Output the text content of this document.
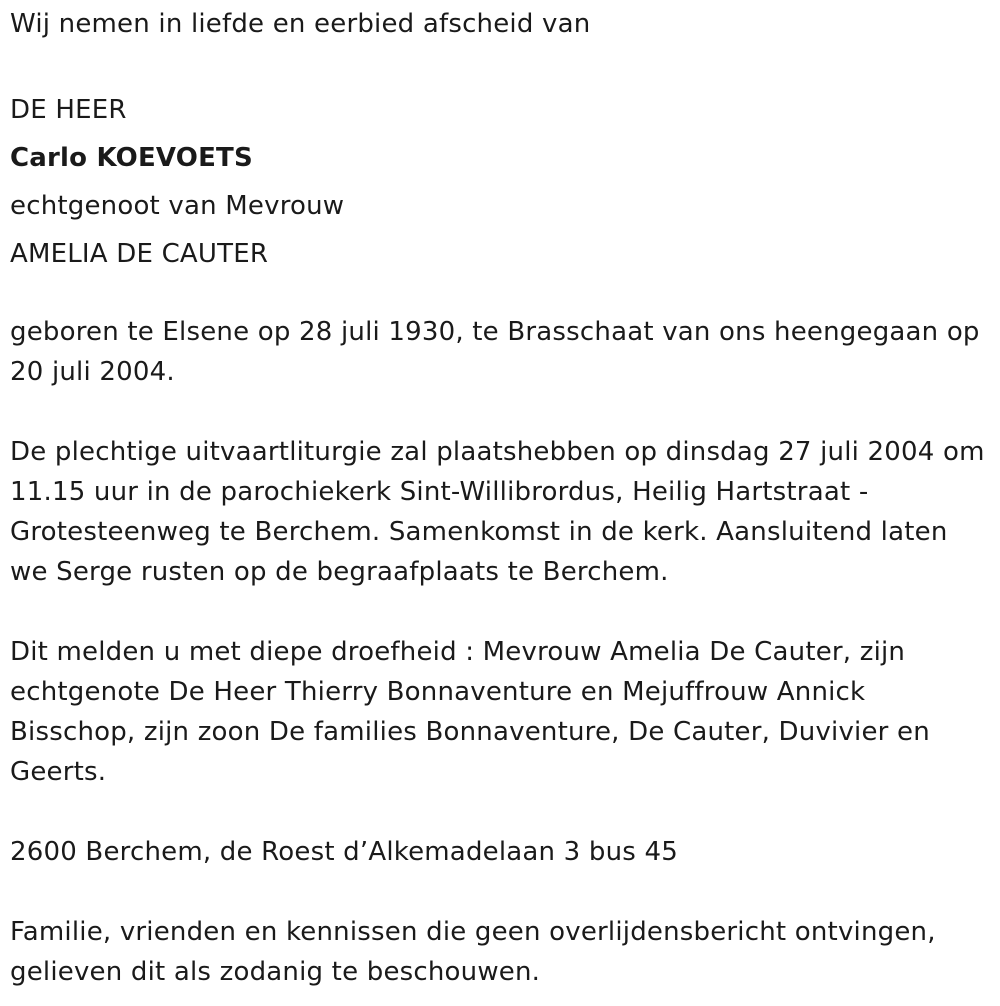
Wij nemen in liefde en eerbied afscheid van

DE HEER

Carlo KOEVOETS

echtgenoot van Mevrouw

AMELIA DE CAUTER

geboren te Elsene op 28 juli 1930, te Brasschaat van ons heengegaan op 20 juli 2004.

De plechtige uitvaartliturgie zal plaatshebben op dinsdag 27 juli 2004 om 11.15 uur in de parochiekerk Sint-Willibrordus, Heilig Hartstraat - Grotesteenweg te Berchem. Samenkomst in de kerk. Aansluitend laten we Serge rusten op de begraafplaats te Berchem.

Dit melden u met diepe droefheid : Mevrouw Amelia De Cauter, zijn echtgenote De Heer Thierry Bonnaventure en Mejuffrouw Annick Bisschop, zijn zoon De families Bonnaventure, De Cauter, Duvivier en Geerts.

2600 Berchem, de Roest d’Alkemadelaan 3 bus 45

Familie, vrienden en kennissen die geen overlijdensbericht ontvingen, gelieven dit als zodanig te beschouwen.
